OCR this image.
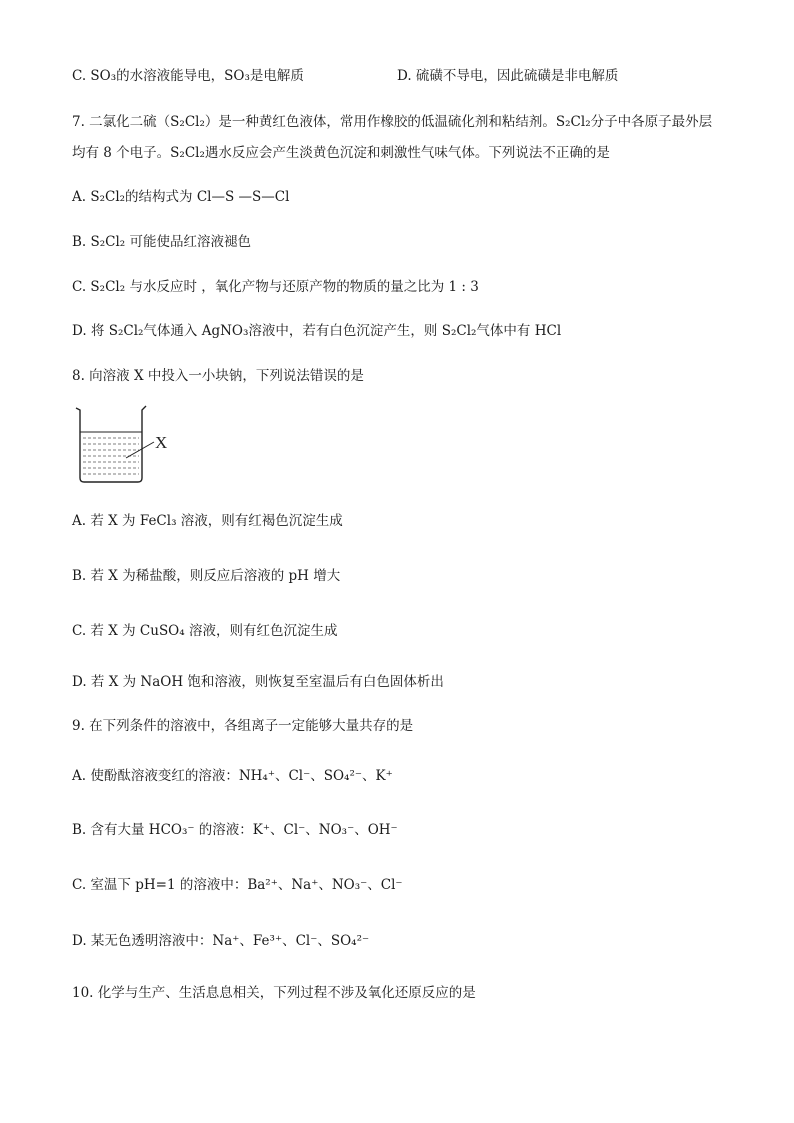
C. SO₃的水溶液能导电，SO₃是电解质	D. 硫磺不导电，因此硫磺是非电解质
7. 二氯化二硫（S₂Cl₂）是一种黄红色液体，常用作橡胶的低温硫化剂和粘结剂。S₂Cl₂分子中各原子最外层
均有 8 个电子。S₂Cl₂遇水反应会产生淡黄色沉淀和刺激性气味气体。下列说法不正确的是
A. S₂Cl₂的结构式为 Cl—S —S—Cl
B. S₂Cl₂ 可能使品红溶液褪色
C. S₂Cl₂ 与水反应时 ，氧化产物与还原产物的物质的量之比为 1 : 3
D. 将 S₂Cl₂气体通入 AgNO₃溶液中，若有白色沉淀产生，则 S₂Cl₂气体中有 HCl
8. 向溶液 X 中投入一小块钠，下列说法错误的是
X
A. 若 X 为 FeCl₃ 溶液，则有红褐色沉淀生成
B. 若 X 为稀盐酸，则反应后溶液的 pH 增大
C. 若 X 为 CuSO₄ 溶液，则有红色沉淀生成
D. 若 X 为 NaOH 饱和溶液，则恢复至室温后有白色固体析出
9. 在下列条件的溶液中，各组离子一定能够大量共存的是
A. 使酚酞溶液变红的溶液：NH₄⁺、Cl⁻、SO₄²⁻、K⁺
B. 含有大量 HCO₃⁻ 的溶液：K⁺、Cl⁻、NO₃⁻、OH⁻
C. 室温下 pH=1 的溶液中：Ba²⁺、Na⁺、NO₃⁻、Cl⁻
D. 某无色透明溶液中：Na⁺、Fe³⁺、Cl⁻、SO₄²⁻
10. 化学与生产、生活息息相关，下列过程不涉及氧化还原反应的是
